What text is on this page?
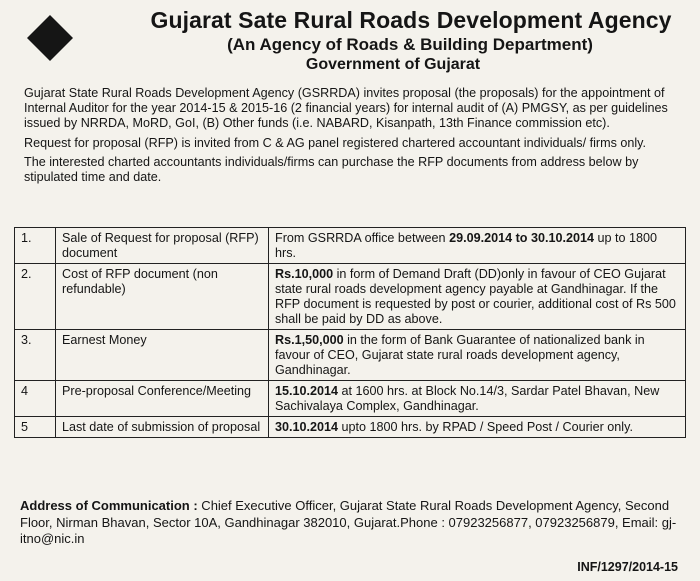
Gujarat Sate Rural Roads Development Agency
(An Agency of Roads & Building Department)
Government of Gujarat

Gujarat State Rural Roads Development Agency (GSRRDA) invites proposal (the proposals) for the appointment of Internal Auditor for the year 2014-15 & 2015-16 (2 financial years) for internal audit of (A) PMGSY, as per guidelines issued by NRRDA, MoRD, GoI, (B) Other funds (i.e. NABARD, Kisanpath, 13th Finance commission etc).

Request for proposal (RFP) is invited from C & AG panel registered chartered accountant individuals/ firms only.

The interested charted accountants individuals/firms can purchase the RFP documents from address below by stipulated time and date.

1.	Sale of Request for proposal (RFP) document	From GSRRDA office between 29.09.2014 to 30.10.2014 up to 1800 hrs.
2.	Cost of RFP document (non refundable)	Rs.10,000 in form of Demand Draft (DD)only in favour of CEO Gujarat state rural roads development agency payable at Gandhinagar. If the RFP document is requested by post or courier, additional cost of Rs 500 shall be paid by DD as above.
3.	Earnest Money	Rs.1,50,000 in the form of Bank Guarantee of nationalized bank in favour of CEO, Gujarat state rural roads development agency, Gandhinagar.
4	Pre-proposal Conference/Meeting	15.10.2014 at 1600 hrs. at Block No.14/3, Sardar Patel Bhavan, New Sachivalaya Complex, Gandhinagar.
5	Last date of submission of proposal	30.10.2014 upto 1800 hrs. by RPAD / Speed Post / Courier only.
Address of Communication : Chief Executive Officer, Gujarat State Rural Roads Development Agency, Second Floor, Nirman Bhavan, Sector 10A, Gandhinagar 382010, Gujarat.Phone : 07923256877, 07923256879, Email: gj-itno@nic.in
INF/1297/2014-15
